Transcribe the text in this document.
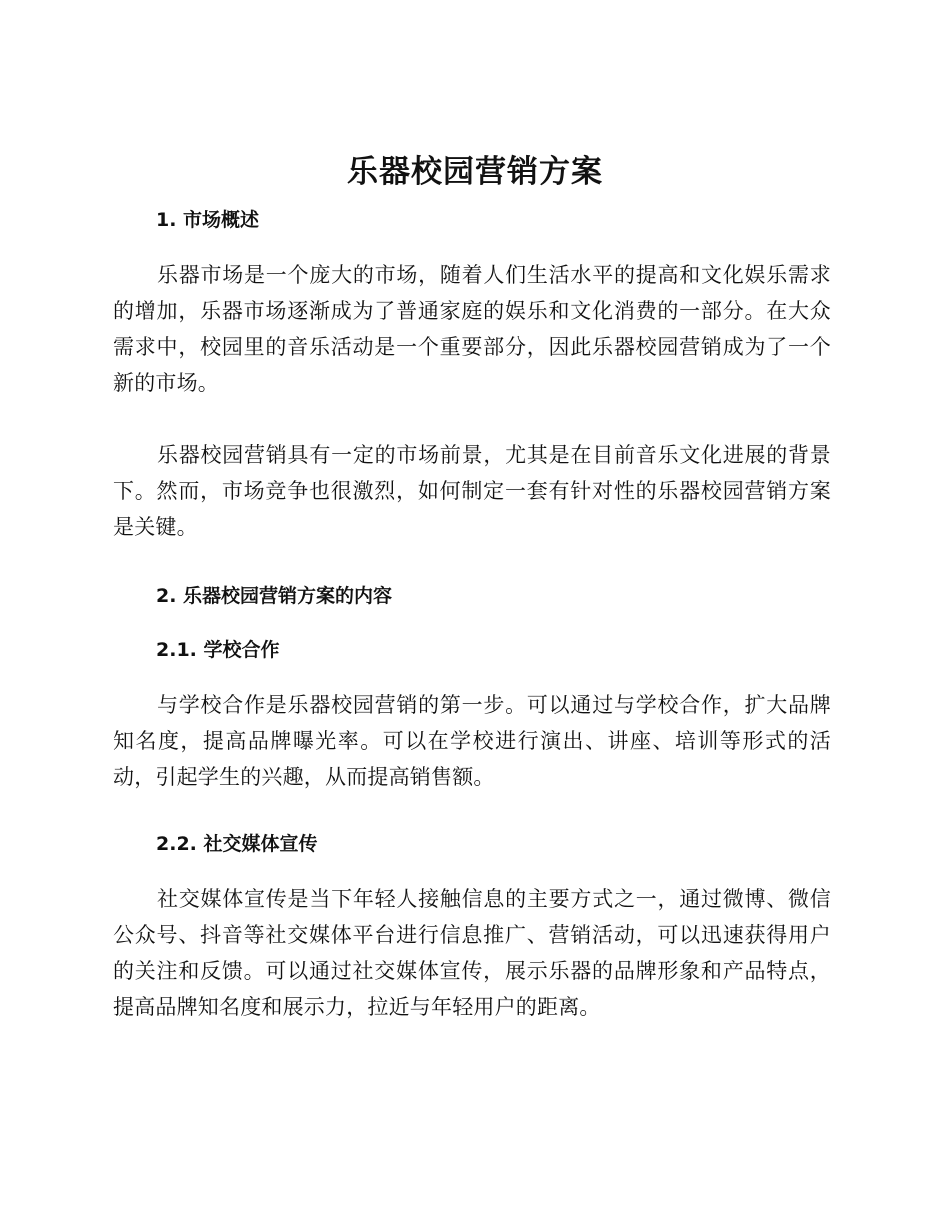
乐器校园营销方案
1. 市场概述

乐器市场是一个庞大的市场，随着人们生活水平的提高和文化娱乐需求的增加，乐器市场逐渐成为了普通家庭的娱乐和文化消费的一部分。在大众需求中，校园里的音乐活动是一个重要部分，因此乐器校园营销成为了一个新的市场。

乐器校园营销具有一定的市场前景，尤其是在目前音乐文化进展的背景下。然而，市场竞争也很激烈，如何制定一套有针对性的乐器校园营销方案是关键。

2. 乐器校园营销方案的内容
2.1. 学校合作

与学校合作是乐器校园营销的第一步。可以通过与学校合作，扩大品牌知名度，提高品牌曝光率。可以在学校进行演出、讲座、培训等形式的活动，引起学生的兴趣，从而提高销售额。

2.2. 社交媒体宣传

社交媒体宣传是当下年轻人接触信息的主要方式之一，通过微博、微信公众号、抖音等社交媒体平台进行信息推广、营销活动，可以迅速获得用户的关注和反馈。可以通过社交媒体宣传，展示乐器的品牌形象和产品特点，提高品牌知名度和展示力，拉近与年轻用户的距离。
